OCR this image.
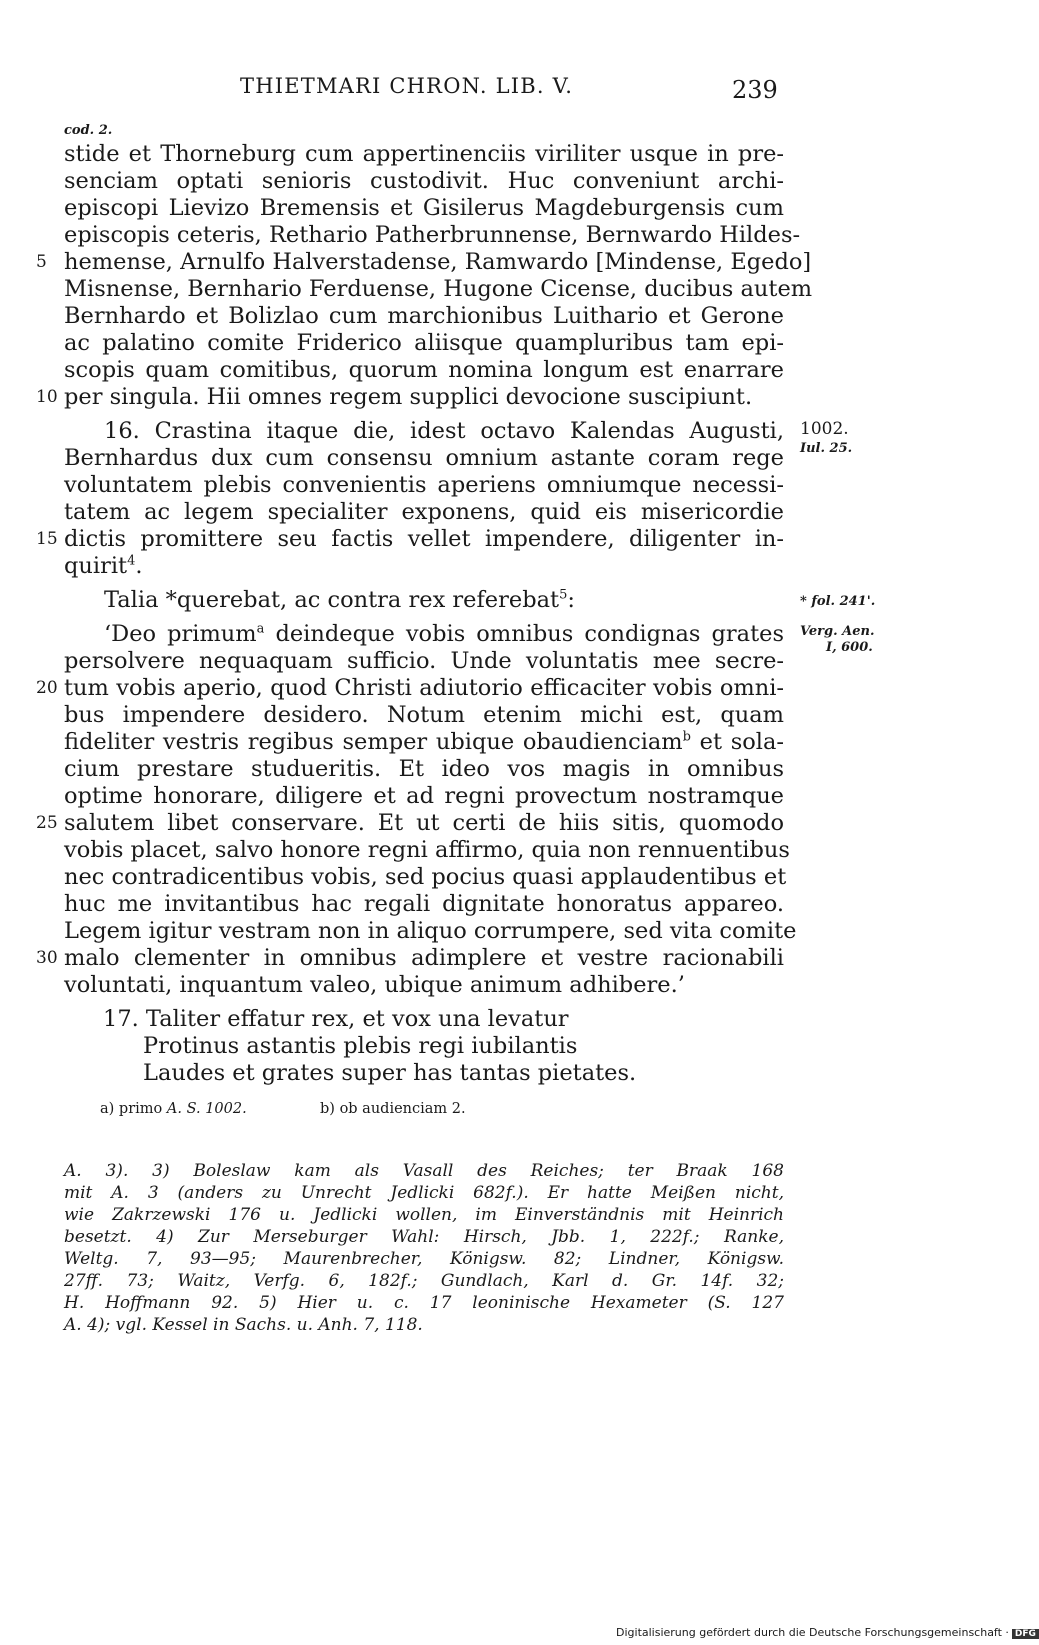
THIETMARI CHRON. LIB. V.	239
cod. 2.
stide et Thorneburg cum appertinenciis viriliter usque in pre-
senciam optati senioris custodivit. Huc conveniunt archi-
episcopi Lievizo Bremensis et Gisilerus Magdeburgensis cum
episcopis ceteris, Rethario Patherbrunnense, Bernwardo Hildes-
hemense, Arnulfo Halverstadense, Ramwardo [Mindense, Egedo]
Misnense, Bernhario Ferduense, Hugone Cicense, ducibus autem
Bernhardo et Bolizlao cum marchionibus Luithario et Gerone
ac palatino comite Friderico aliisque quampluribus tam epi-
scopis quam comitibus, quorum nomina longum est enarrare
per singula. Hii omnes regem supplici devocione suscipiunt.
16. Crastina itaque die, idest octavo Kalendas Augusti,
Bernhardus dux cum consensu omnium astante coram rege
voluntatem plebis convenientis aperiens omniumque necessi-
tatem ac legem specialiter exponens, quid eis misericordie
dictis promittere seu factis vellet impendere, diligenter in-
quirit$^4$.
Talia *querebat, ac contra rex referebat$^5$:
‘Deo primum$^a$ deindeque vobis omnibus condignas grates
persolvere nequaquam sufficio. Unde voluntatis mee secre-
tum vobis aperio, quod Christi adiutorio efficaciter vobis omni-
bus impendere desidero. Notum etenim michi est, quam
fideliter vestris regibus semper ubique obaudienciam$^b$ et sola-
cium prestare studueritis. Et ideo vos magis in omnibus
optime honorare, diligere et ad regni provectum nostramque
salutem libet conservare. Et ut certi de hiis sitis, quomodo
vobis placet, salvo honore regni affirmo, quia non rennuentibus
nec contradicentibus vobis, sed pocius quasi applaudentibus et
huc me invitantibus hac regali dignitate honoratus appareo.
Legem igitur vestram non in aliquo corrumpere, sed vita comite
malo clementer in omnibus adimplere et vestre racionabili
voluntati, inquantum valeo, ubique animum adhibere.’
17. Taliter effatur rex, et vox una levatur
Protinus astantis plebis regi iubilantis
Laudes et grates super has tantas pietates.
5
10
15
20
25
30
1002.
Iul. 25.
* fol. 241'.
Verg. Aen.
I, 600.
a) primo A. S. 1002.	b) ob audienciam 2.
A. 3). 3) Boleslaw kam als Vasall des Reiches; ter Braak 168
mit A. 3 (anders zu Unrecht Jedlicki 682f.). Er hatte Meißen nicht,
wie Zakrzewski 176 u. Jedlicki wollen, im Einverständnis mit Heinrich
besetzt. 4) Zur Merseburger Wahl: Hirsch, Jbb. 1, 222f.; Ranke,
Weltg. 7, 93—95; Maurenbrecher, Königsw. 82; Lindner, Königsw.
27ff. 73; Waitz, Verfg. 6, 182f.; Gundlach, Karl d. Gr. 14f. 32;
H. Hoffmann 92. 5) Hier u. c. 17 leoninische Hexameter (S. 127
A. 4); vgl. Kessel in Sachs. u. Anh. 7, 118.
Digitalisierung gefördert durch die Deutsche Forschungsgemeinschaft · DFG
